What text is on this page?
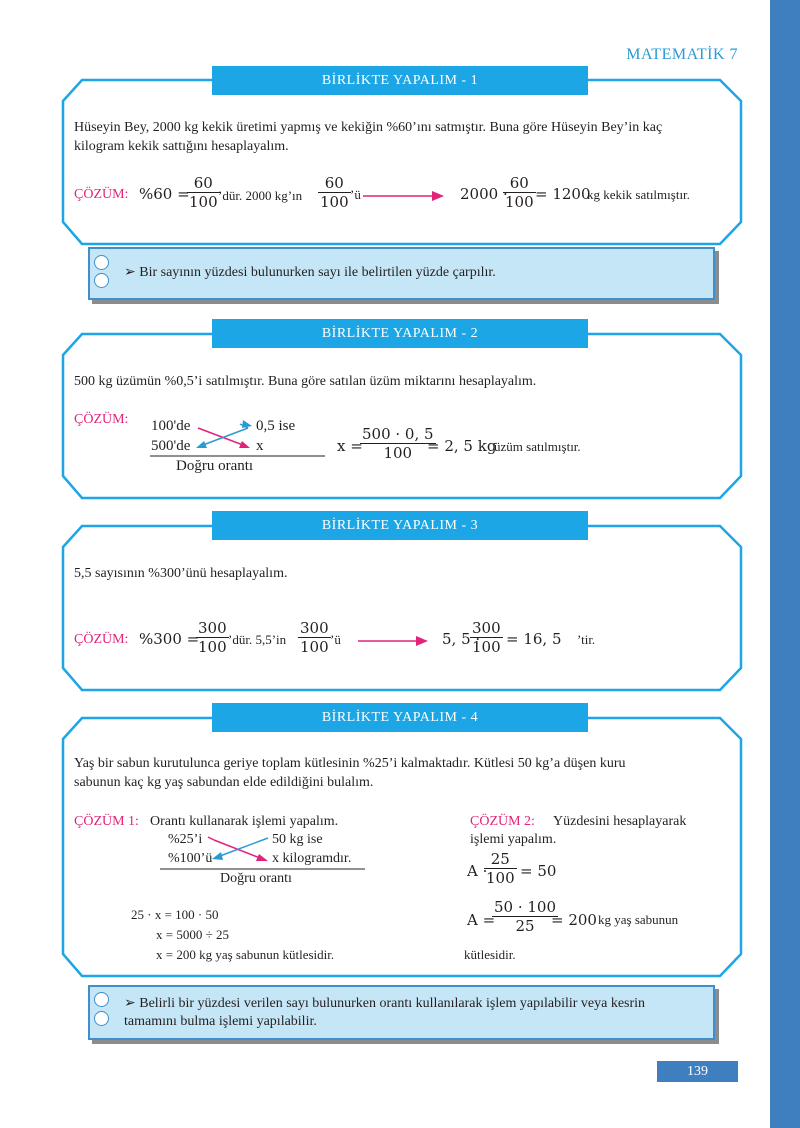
MATEMATİK 7
BİRLİKTE YAPALIM - 1
Hüseyin Bey, 2000 kg kekik üretimi yapmış ve kekiğin %60’ını satmıştır. Buna göre Hüseyin Bey’in kaç
kilogram kekik sattığını hesaplayalım.
ÇÖZÜM: %60 =
$\frac{60}{100}$
’dür. 2000 kg’ın $\frac{60}{100}$ ’ü	2000 ·
$\frac{60}{100} = 1200$
kg kekik satılmıştır.
➢ Bir sayının yüzdesi bulunurken sayı ile belirtilen yüzde çarpılır.
BİRLİKTE YAPALIM - 2
500 kg üzümün %0,5’i satılmıştır. Buna göre satılan üzüm miktarını hesaplayalım.
ÇÖZÜM: 100'de	0,5 ise
500'de	x
Doğru orantı
x =
$\frac{500 \cdot 0, 5}{100}$
= 2, 5 kg
üzüm satılmıştır.
BİRLİKTE YAPALIM - 3
5,5 sayısının %300’ünü hesaplayalım.
ÇÖZÜM: %300 =
$\frac{300}{100}$ ’dür. 5,5’in $\frac{300}{100}$ ’ü	5, 5 ·
$\frac{300}{100} = 16$, 5 ’tir.
BİRLİKTE YAPALIM - 4
Yaş bir sabun kurutulunca geriye toplam kütlesinin %25’i kalmaktadır. Kütlesi 50 kg’a düşen kuru
sabunun kaç kg yaş sabundan elde edildiğini bulalım.
ÇÖZÜM 1: Orantı kullanarak işlemi yapalım.
%25’i	50 kg ise
%100’ü	x kilogramdır.
Doğru orantı
25 · x = 100 · 50
x = 5000 ÷ 25
x = 200 kg yaş sabunun kütlesidir.
ÇÖZÜM 2: Yüzdesini hesaplayarak
işlemi yapalım.
A ·
$\frac{25}{100} = 50$
A =
$\frac{50 \cdot 100}{25}$
= 200 kg yaş sabunun
kütlesidir.
➢ Belirli bir yüzdesi verilen sayı bulunurken orantı kullanılarak işlem yapılabilir veya kesrin
tamamını bulma işlemi yapılabilir.
139
